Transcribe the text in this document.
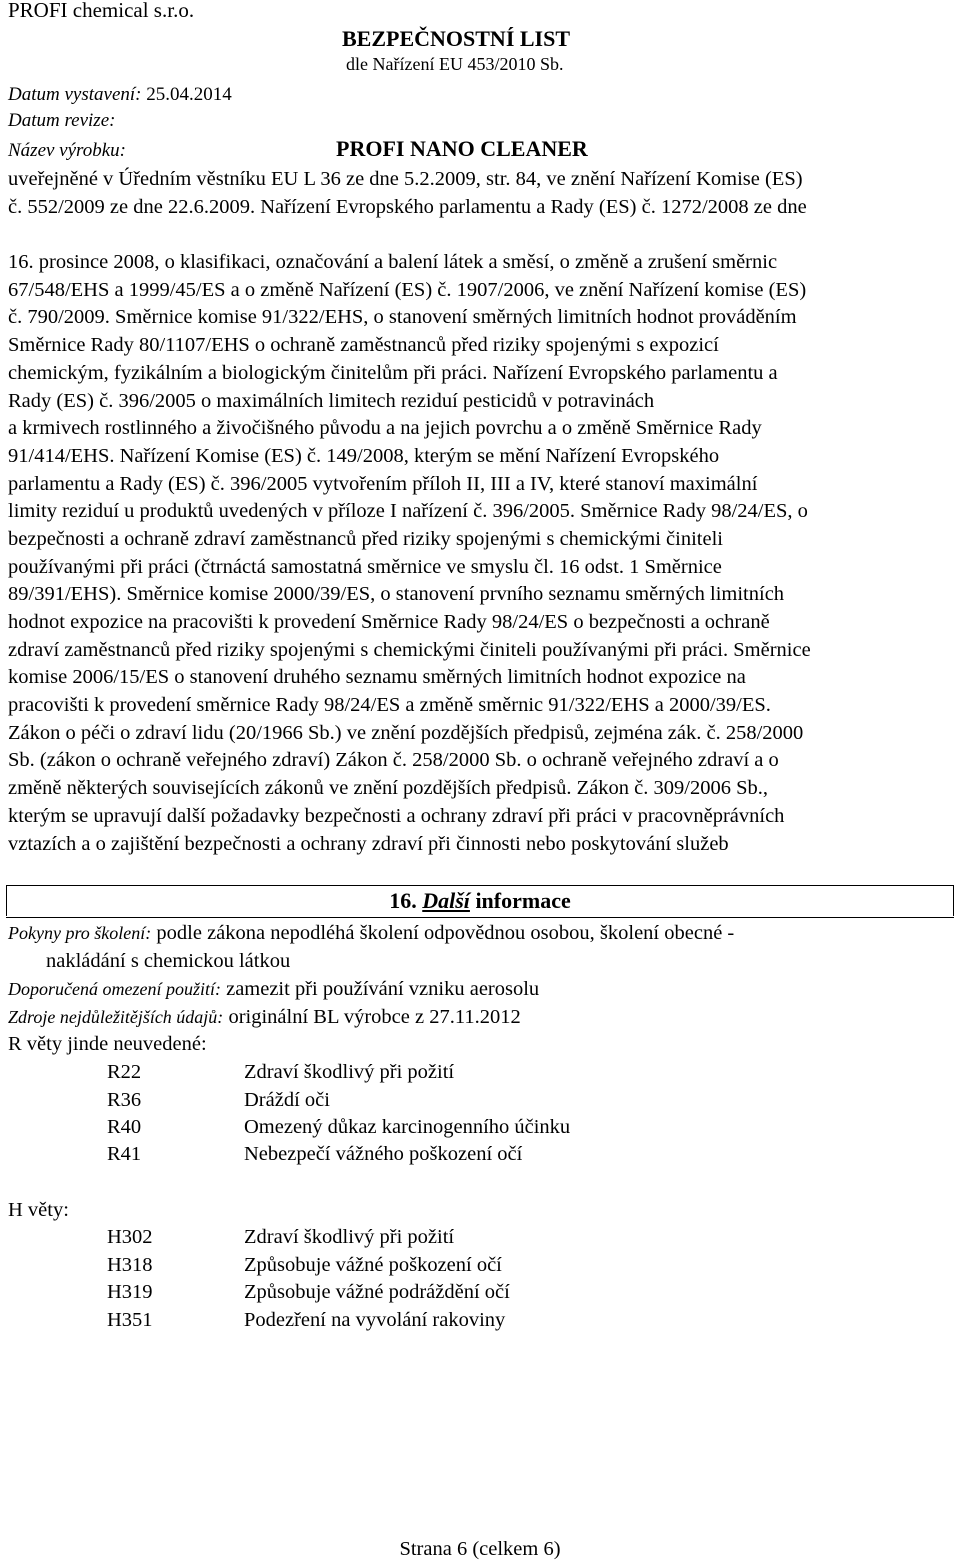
PROFI chemical s.r.o.
BEZPEČNOSTNÍ LIST
dle Nařízení EU 453/2010 Sb.
Datum vystavení: 25.04.2014
Datum revize:
Název výrobku:	PROFI NANO CLEANER
uveřejněné v Úředním věstníku EU L 36 ze dne 5.2.2009, str. 84, ve znění Nařízení Komise (ES)
č. 552/2009 ze dne 22.6.2009. Nařízení Evropského parlamentu a Rady (ES) č. 1272/2008 ze dne
16. prosince 2008, o klasifikaci, označování a balení látek a směsí, o změně a zrušení směrnic
67/548/EHS a 1999/45/ES a o změně Nařízení (ES) č. 1907/2006, ve znění Nařízení komise (ES)
č. 790/2009. Směrnice komise 91/322/EHS, o stanovení směrných limitních hodnot prováděním
Směrnice Rady 80/1107/EHS o ochraně zaměstnanců před riziky spojenými s expozicí
chemickým, fyzikálním a biologickým činitelům při práci. Nařízení Evropského parlamentu a
Rady (ES) č. 396/2005 o maximálních limitech reziduí pesticidů v potravinách
a krmivech rostlinného a živočišného původu a na jejich povrchu a o změně Směrnice Rady
91/414/EHS. Nařízení Komise (ES) č. 149/2008, kterým se mění Nařízení Evropského
parlamentu a Rady (ES) č. 396/2005 vytvořením příloh II, III a IV, které stanoví maximální
limity reziduí u produktů uvedených v příloze I nařízení č. 396/2005. Směrnice Rady 98/24/ES, o
bezpečnosti a ochraně zdraví zaměstnanců před riziky spojenými s chemickými činiteli
používanými při práci (čtrnáctá samostatná směrnice ve smyslu čl. 16 odst. 1 Směrnice
89/391/EHS). Směrnice komise 2000/39/ES, o stanovení prvního seznamu směrných limitních
hodnot expozice na pracovišti k provedení Směrnice Rady 98/24/ES o bezpečnosti a ochraně
zdraví zaměstnanců před riziky spojenými s chemickými činiteli používanými při práci. Směrnice
komise 2006/15/ES o stanovení druhého seznamu směrných limitních hodnot expozice na
pracovišti k provedení směrnice Rady 98/24/ES a změně směrnic 91/322/EHS a 2000/39/ES.
Zákon o péči o zdraví lidu (20/1966 Sb.) ve znění pozdějších předpisů, zejména zák. č. 258/2000
Sb. (zákon o ochraně veřejného zdraví) Zákon č. 258/2000 Sb. o ochraně veřejného zdraví a o
změně některých souvisejících zákonů ve znění pozdějších předpisů. Zákon č. 309/2006 Sb.,
kterým se upravují další požadavky bezpečnosti a ochrany zdraví při práci v pracovněprávních
vztazích a o zajištění bezpečnosti a ochrany zdraví při činnosti nebo poskytování služeb
16. Další informace
Pokyny pro školení: podle zákona nepodléhá školení odpovědnou osobou, školení obecné -
nakládání s chemickou látkou
Doporučená omezení použití: zamezit při používání vzniku aerosolu
Zdroje nejdůležitějších údajů: originální BL výrobce z 27.11.2012
R věty jinde neuvedené:
R22	Zdraví škodlivý při požití
R36	Dráždí oči
R40	Omezený důkaz karcinogenního účinku
R41	Nebezpečí vážného poškození očí
H věty:
H302	Zdraví škodlivý při požití
H318	Způsobuje vážné poškození očí
H319	Způsobuje vážné podráždění očí
H351	Podezření na vyvolání rakoviny
Strana 6 (celkem 6)
